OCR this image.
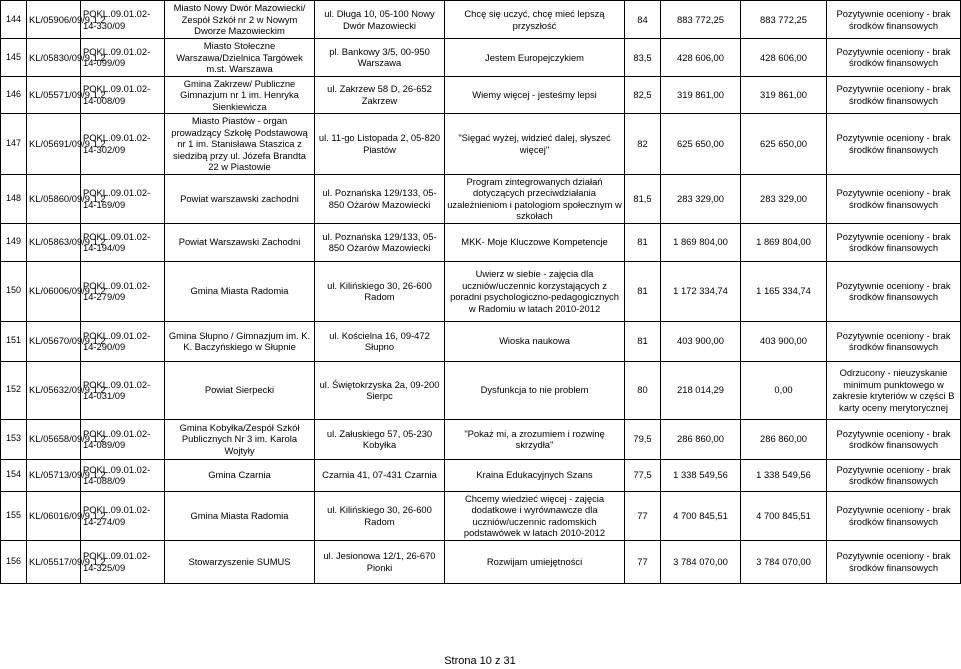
144	KL/05906/09/9.1.2	POKL.09.01.02-14-330/09	Miasto Nowy Dwór Mazowiecki/ Zespół Szkół nr 2 w Nowym Dworze Mazowieckim	ul. Długa 10, 05-100 Nowy Dwór Mazowiecki	Chcę się uczyć, chcę mieć lepszą przyszłość	84	883 772,25	883 772,25	Pozytywnie oceniony - brak środków finansowych
145	KL/05830/09/9.1.2	POKL.09.01.02-14-099/09	Miasto Stołeczne Warszawa/Dzielnica Targówek m.st. Warszawa	pl. Bankowy 3/5, 00-950 Warszawa	Jestem Europejczykiem	83,5	428 606,00	428 606,00	Pozytywnie oceniony - brak środków finansowych
146	KL/05571/09/9.1.2	POKL.09.01.02-14-008/09	Gmina Zakrzew/ Publiczne Gimnazjum nr 1 im. Henryka Sienkiewicza	ul. Zakrzew 58 D, 26-652 Zakrzew	Wiemy więcej - jesteśmy lepsi	82,5	319 861,00	319 861,00	Pozytywnie oceniony - brak środków finansowych
147	KL/05691/09/9.1.2	POKL.09.01.02-14-302/09	Miasto Piastów - organ prowadzący Szkołę Podstawową nr 1 im. Stanisława Staszica z siedzibą przy ul. Józefa Brandta 22 w Piastowie	ul. 11-go Listopada 2, 05-820 Piastów	"Sięgać wyżej, widzieć dalej, słyszeć więcej"	82	625 650,00	625 650,00	Pozytywnie oceniony - brak środków finansowych
148	KL/05860/09/9.1.2	POKL.09.01.02-14-169/09	Powiat warszawski zachodni	ul. Poznańska 129/133, 05-850 Ożarów Mazowiecki	Program zintegrowanych działań dotyczących przeciwdziałania uzależnieniom i patologiom społecznym w szkołach	81,5	283 329,00	283 329,00	Pozytywnie oceniony - brak środków finansowych
149	KL/05863/09/9.1.2	POKL.09.01.02-14-194/09	Powiat Warszawski Zachodni	ul. Poznańska 129/133, 05-850 Ożarów Mazowiecki	MKK- Moje Kluczowe Kompetencje	81	1 869 804,00	1 869 804,00	Pozytywnie oceniony - brak środków finansowych
150	KL/06006/09/9.1.2	POKL.09.01.02-14-279/09	Gmina Miasta Radomia	ul. Kilińskiego 30, 26-600 Radom	Uwierz w siebie - zajęcia dla uczniów/uczennic korzystających z poradni psychologiczno-pedagogicznych w Radomiu w latach 2010-2012	81	1 172 334,74	1 165 334,74	Pozytywnie oceniony - brak środków finansowych
151	KL/05670/09/9.1.2	POKL.09.01.02-14-290/09	Gmina Słupno / Gimnazjum im. K. K. Baczyńskiego w Słupnie	ul. Kościelna 16, 09-472 Słupno	Wioska naukowa	81	403 900,00	403 900,00	Pozytywnie oceniony - brak środków finansowych
152	KL/05632/09/9.1.2	POKL.09.01.02-14-031/09	Powiat Sierpecki	ul. Świętokrzyska 2a, 09-200 Sierpc	Dysfunkcja to nie problem	80	218 014,29	0,00	Odrzucony - nieuzyskanie minimum punktowego w zakresie kryteriów w części B karty oceny merytorycznej
153	KL/05658/09/9.1.2	POKL.09.01.02-14-089/09	Gmina Kobyłka/Zespół Szkół Publicznych Nr 3 im. Karola Wojtyły	ul. Załuskiego 57, 05-230 Kobyłka	"Pokaż mi, a zrozumiem i rozwinę skrzydła"	79,5	286 860,00	286 860,00	Pozytywnie oceniony - brak środków finansowych
154	KL/05713/09/9.1.2	POKL.09.01.02-14-088/09	Gmina Czarnia	Czarnia 41, 07-431 Czarnia	Kraina Edukacyjnych Szans	77,5	1 338 549,56	1 338 549,56	Pozytywnie oceniony - brak środków finansowych
155	KL/06016/09/9.1.2	POKL.09.01.02-14-274/09	Gmina Miasta Radomia	ul. Kilińskiego 30, 26-600 Radom	Chcemy wiedzieć więcej - zajęcia dodatkowe i wyrównawcze dla uczniów/uczennic radomskich podstawówek w latach 2010-2012	77	4 700 845,51	4 700 845,51	Pozytywnie oceniony - brak środków finansowych
156	KL/05517/09/9.1.2	POKL.09.01.02-14-325/09	Stowarzyszenie SUMUS	ul. Jesionowa 12/1, 26-670 Pionki	Rozwijam umiejętności	77	3 784 070,00	3 784 070,00	Pozytywnie oceniony - brak środków finansowych
Strona 10 z 31
